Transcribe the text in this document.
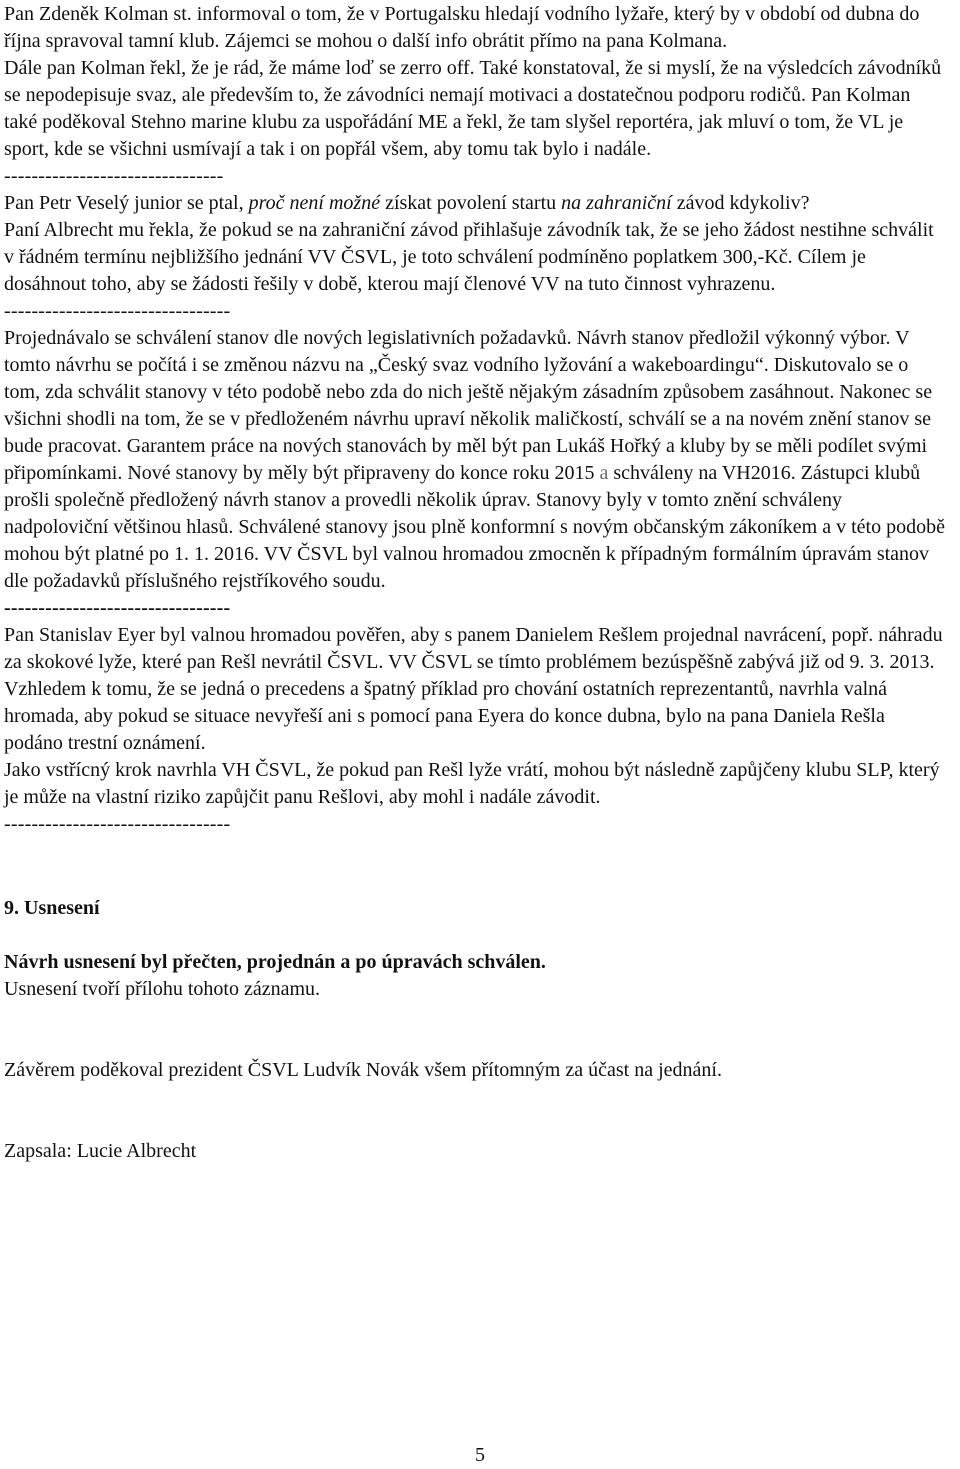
Pan Zdeněk Kolman st. informoval o tom, že v Portugalsku hledají vodního lyžaře, který by v období od dubna do října spravoval tamní klub. Zájemci se mohou o další info obrátit přímo na pana Kolmana.

Dále pan Kolman řekl, že je rád, že máme loď se zerro off. Také konstatoval, že si myslí, že na výsledcích závodníků se nepodepisuje svaz, ale především to, že závodníci nemají motivaci a dostatečnou podporu rodičů. Pan Kolman také poděkoval Stehno marine klubu za uspořádání ME a řekl, že tam slyšel reportéra, jak mluví o tom, že VL je sport, kde se všichni usmívají a tak i on popřál všem, aby tomu tak bylo i nadále.

--------------------------------

Pan Petr Veselý junior se ptal, proč není možné získat povolení startu na zahraniční závod kdykoliv?

Paní Albrecht mu řekla, že pokud se na zahraniční závod přihlašuje závodník tak, že se jeho žádost nestihne schválit v řádném termínu nejbližšího jednání VV ČSVL, je toto schválení podmíněno poplatkem 300,-Kč. Cílem je dosáhnout toho, aby se žádosti řešily v době, kterou mají členové VV na tuto činnost vyhrazenu.

---------------------------------

Projednávalo se schválení stanov dle nových legislativních požadavků. Návrh stanov předložil výkonný výbor. V tomto návrhu se počítá i se změnou názvu na „Český svaz vodního lyžování a wakeboardingu“. Diskutovalo se o tom, zda schválit stanovy v této podobě nebo zda do nich ještě nějakým zásadním způsobem zasáhnout. Nakonec se všichni shodli na tom, že se v předloženém návrhu upraví několik maličkostí, schválí se a na novém znění stanov se bude pracovat. Garantem práce na nových stanovách by měl být pan Lukáš Hořký a kluby by se měli podílet svými připomínkami. Nové stanovy by měly být připraveny do konce roku 2015 a schváleny na VH2016. Zástupci klubů prošli společně předložený návrh stanov a provedli několik úprav. Stanovy byly v tomto znění schváleny nadpoloviční většinou hlasů. Schválené stanovy jsou plně konformní s novým občanským zákoníkem a v této podobě mohou být platné po 1. 1. 2016. VV ČSVL byl valnou hromadou zmocněn k případným formálním úpravám stanov dle požadavků příslušného rejstříkového soudu.

---------------------------------

Pan Stanislav Eyer byl valnou hromadou pověřen, aby s panem Danielem Rešlem projednal navrácení, popř. náhradu za skokové lyže, které pan Rešl nevrátil ČSVL. VV ČSVL se tímto problémem bezúspěšně zabývá již od 9. 3. 2013. Vzhledem k tomu, že se jedná o precedens a špatný příklad pro chování ostatních reprezentantů, navrhla valná hromada, aby pokud se situace nevyřeší ani s pomocí pana Eyera do konce dubna, bylo na pana Daniela Rešla podáno trestní oznámení.

Jako vstřícný krok navrhla VH ČSVL, že pokud pan Rešl lyže vrátí, mohou být následně zapůjčeny klubu SLP, který je může na vlastní riziko zapůjčit panu Rešlovi, aby mohl i nadále závodit.

---------------------------------

9. Usnesení

Návrh usnesení byl přečten, projednán a po úpravách schválen.

Usnesení tvoří přílohu tohoto záznamu.

Závěrem poděkoval prezident ČSVL Ludvík Novák všem přítomným za účast na jednání.

Zapsala: Lucie Albrecht

5
